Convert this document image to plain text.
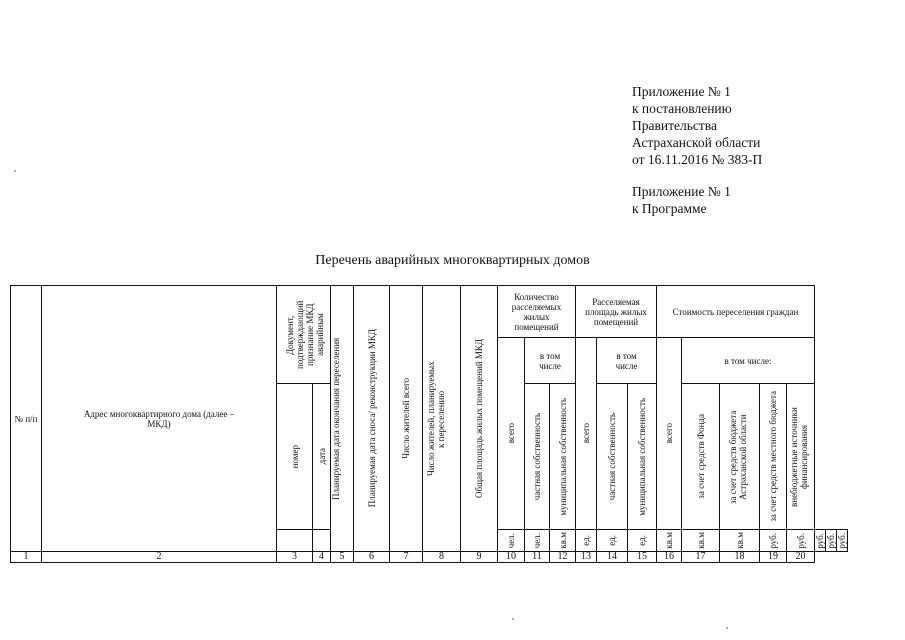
Приложение № 1
к постановлению
Правительства
Астраханской области
от 16.11.2016 № 383-П
Приложение № 1
к Программе
Перечень аварийных многоквартирных домов
№ п/п	Адрес многоквартирного дома (далее – МКД)	Документ, подтверждающий признание МКД аварийным		Планируемая дата окончания переселения	Планируемая дата сноса/ реконструкции МКД	Число жителей всего	Число жителей, планируемых к переселению	Общая площадь жилых помещений МКД	Количество расселяемых жилых помещений			Расселяемая площадь жилых помещений			Стоимость переселения граждан							

									всего	в том числе		всего	в том числе		всего	в том числе:						

		номер	дата							частная собственность	муниципальная собственность		частная собственность	муниципальная собственность		за счет средств Фонда	за счет средств бюджета Астраханской области	за счет средств местного бюджета	внебюджетные источники финансирования			

									чел.	чел.	кв.м	ед.	ед.	ед.	кв.м	кв.м	кв.м	руб.	руб.	руб.	руб.	руб.

1	2	3	4	5	6	7	8	9	10	11	12	13	14	15	16	17	18	19	20			
